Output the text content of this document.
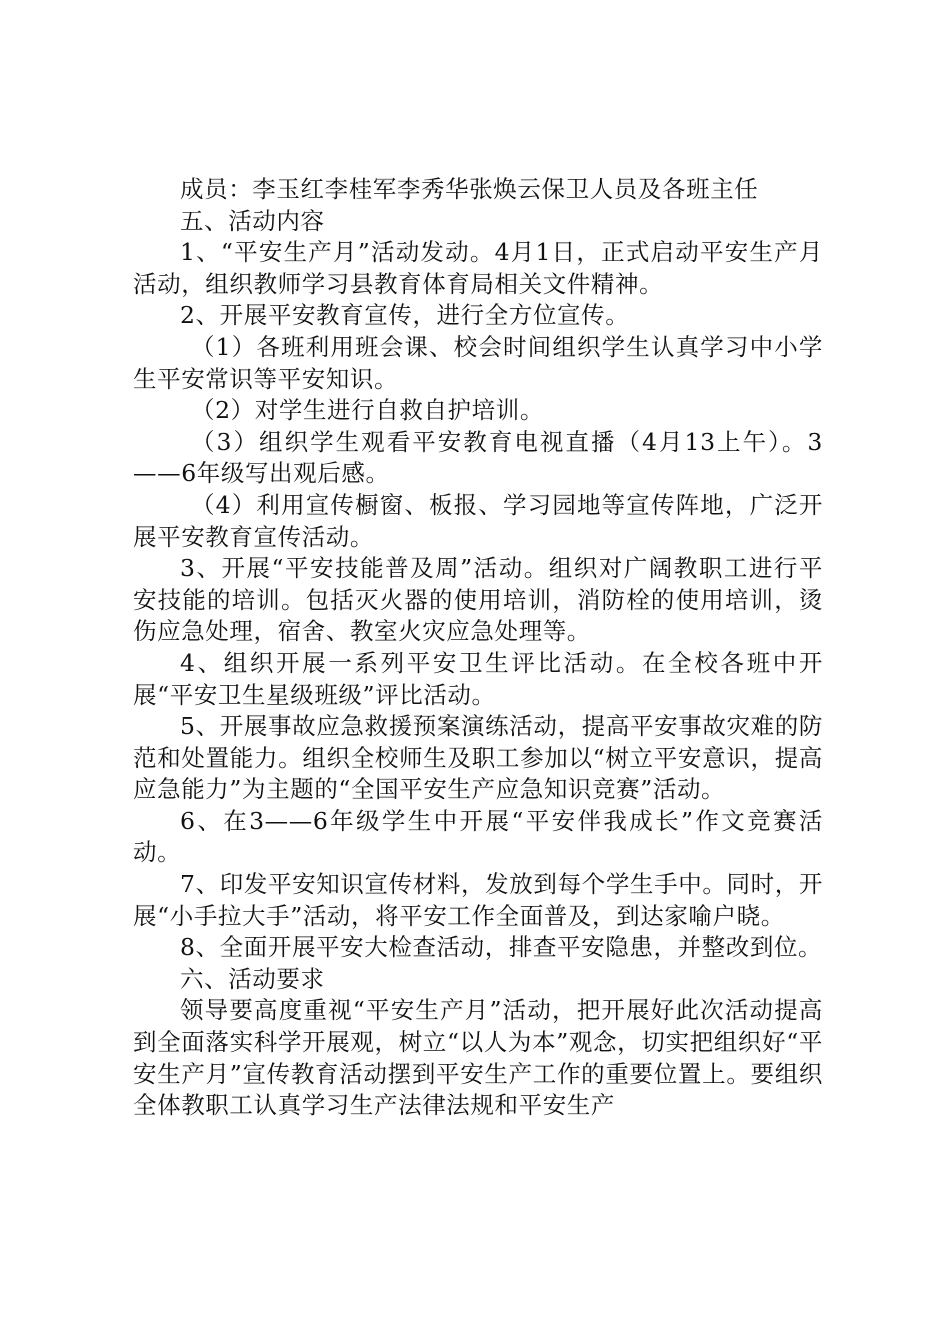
成员：李玉红李桂军李秀华张焕云保卫人员及各班主任

五、活动内容

1、“平安生产月”活动发动。4月1日，正式启动平安生产月活动，组织教师学习县教育体育局相关文件精神。

2、开展平安教育宣传，进行全方位宣传。

（1）各班利用班会课、校会时间组织学生认真学习中小学生平安常识等平安知识。

（2）对学生进行自救自护培训。

（3）组织学生观看平安教育电视直播（4月13上午）。3——6年级写出观后感。

（4）利用宣传橱窗、板报、学习园地等宣传阵地，广泛开展平安教育宣传活动。

3、开展“平安技能普及周”活动。组织对广阔教职工进行平安技能的培训。包括灭火器的使用培训，消防栓的使用培训，烫伤应急处理，宿舍、教室火灾应急处理等。

4、组织开展一系列平安卫生评比活动。在全校各班中开展“平安卫生星级班级”评比活动。

5、开展事故应急救援预案演练活动，提高平安事故灾难的防范和处置能力。组织全校师生及职工参加以“树立平安意识，提高应急能力”为主题的“全国平安生产应急知识竞赛”活动。

6、在3——6年级学生中开展“平安伴我成长”作文竞赛活动。

7、印发平安知识宣传材料，发放到每个学生手中。同时，开展“小手拉大手”活动，将平安工作全面普及，到达家喻户晓。

8、全面开展平安大检查活动，排查平安隐患，并整改到位。

六、活动要求

领导要高度重视“平安生产月”活动，把开展好此次活动提高到全面落实科学开展观，树立“以人为本”观念，切实把组织好“平安生产月”宣传教育活动摆到平安生产工作的重要位置上。要组织全体教职工认真学习生产法律法规和平安生产
